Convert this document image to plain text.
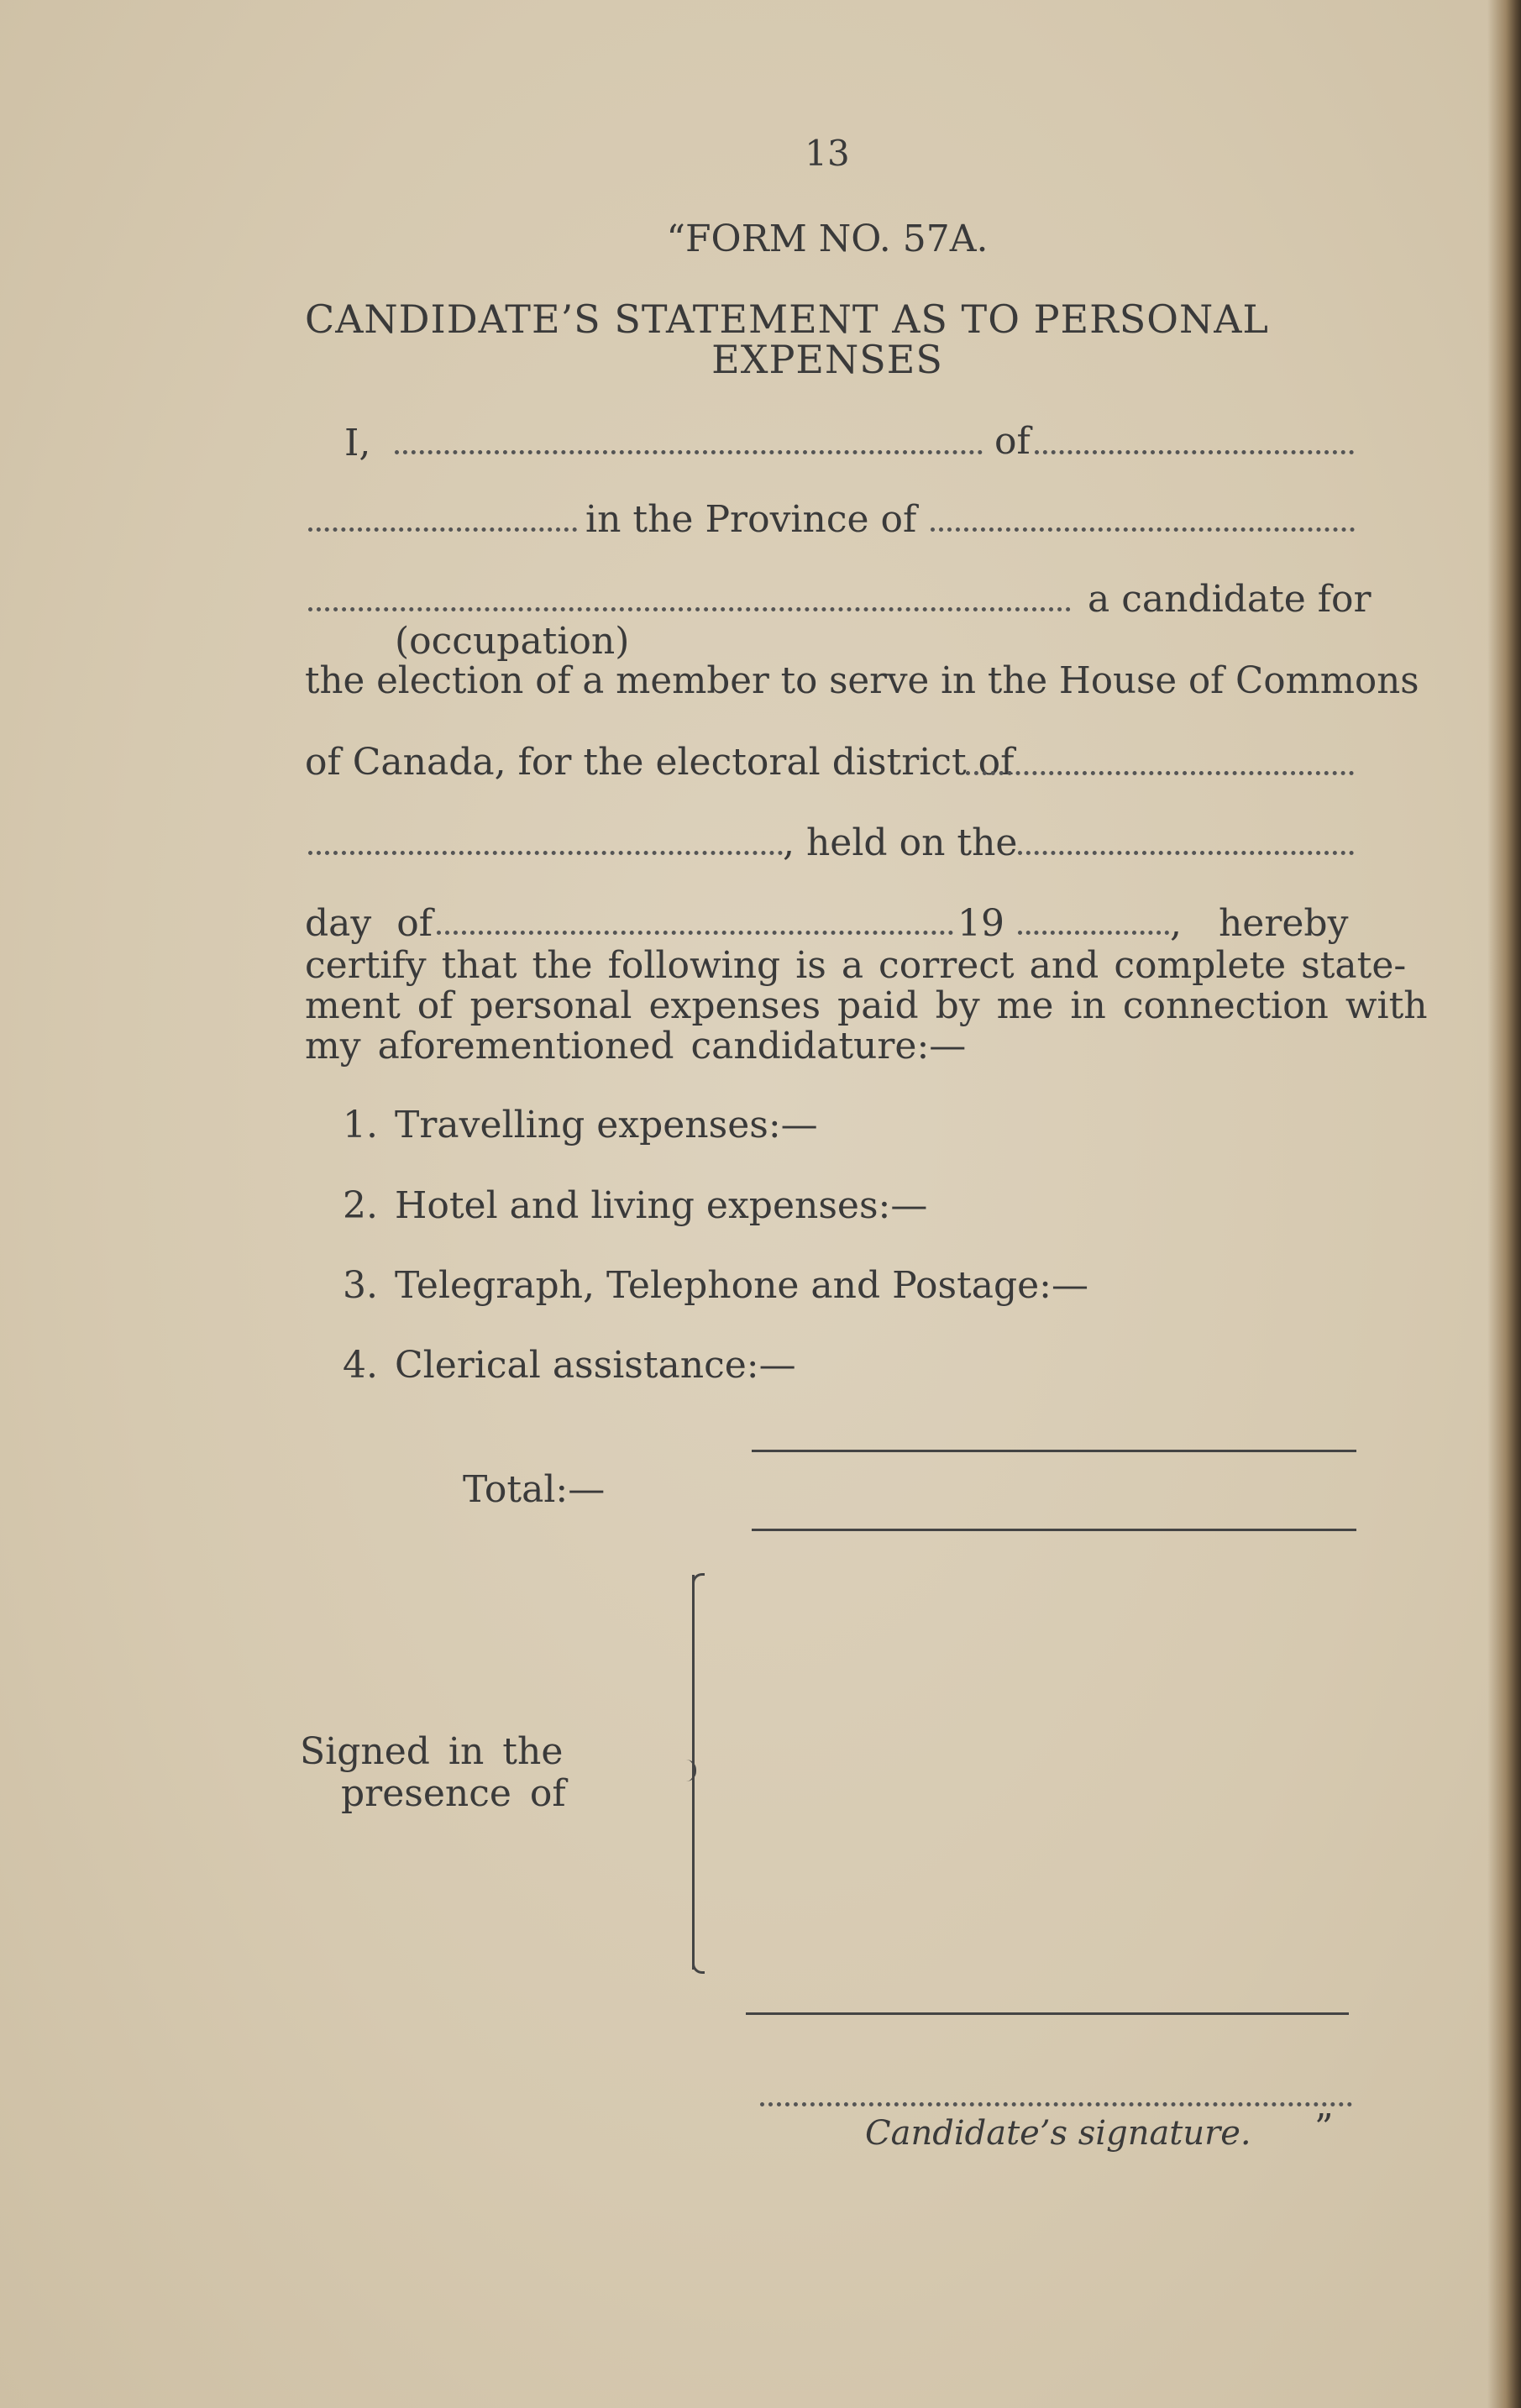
13
“FORM NO. 57A.
CANDIDATE’S STATEMENT AS TO PERSONAL
EXPENSES
I,	of
in the Province of
a candidate for
(occupation)
the election of a member to serve in the House of Commons
of Canada, for the electoral district of
, held on the
day of	19	, hereby
certify that the following is a correct and complete state-
ment of personal expenses paid by me in connection with
my aforementioned candidature:—
1. Travelling expenses:—
2. Hotel and living expenses:—
3. Telegraph, Telephone and Postage:—
4. Clerical assistance:—
Total:—
Signed in the
presence of
Candidate’s signature. ”
